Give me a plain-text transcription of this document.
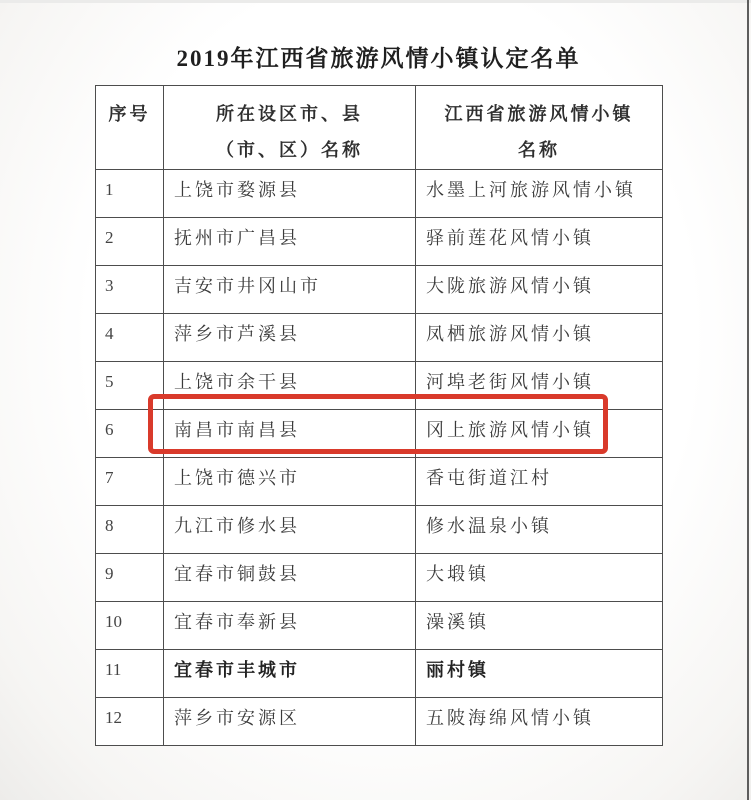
2019年江西省旅游风情小镇认定名单
序号	所在设区市、县
（市、区）名称

江西省旅游风情小镇
名称

1	上饶市婺源县	水墨上河旅游风情小镇
2	抚州市广昌县	驿前莲花风情小镇
3	吉安市井冈山市	大陇旅游风情小镇
4	萍乡市芦溪县	凤栖旅游风情小镇
5	上饶市余干县	河埠老街风情小镇
6	南昌市南昌县	冈上旅游风情小镇
7	上饶市德兴市	香屯街道江村
8	九江市修水县	修水温泉小镇
9	宜春市铜鼓县	大塅镇
10	宜春市奉新县	澡溪镇
11	宜春市丰城市	丽村镇
12	萍乡市安源区	五陂海绵风情小镇
